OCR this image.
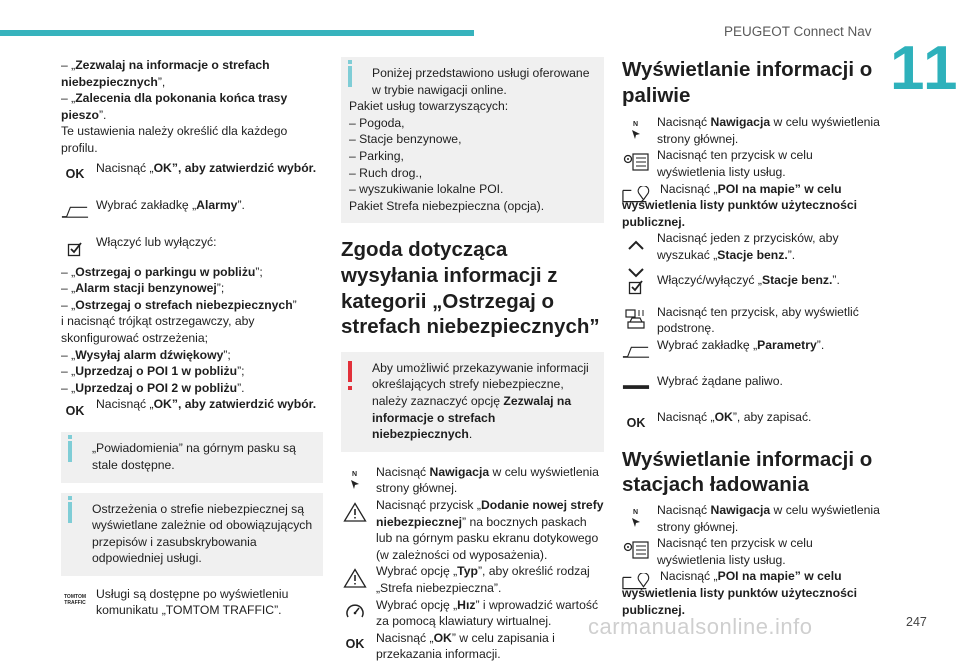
PEUGEOT Connect Nav
11

– „Zezwalaj na informacje o strefach niebezpiecznych”,

– „Zalecenia dla pokonania końca trasy pieszo”.

Te ustawienia należy określić dla każdego profilu.

OK Nacisnąć „OK”, aby zatwierdzić wybór.
Wybrać zakładkę „Alarmy”.
Włączyć lub wyłączyć:

– „Ostrzegaj o parkingu w pobliżu”;

– „Alarm stacji benzynowej”;

– „Ostrzegaj o strefach niebezpiecznych”

i nacisnąć trójkąt ostrzegawczy, aby skonfigurować ostrzeżenia;

– „Wysyłaj alarm dźwiękowy”;

– „Uprzedzaj o POI 1 w pobliżu”;

– „Uprzedzaj o POI 2 w pobliżu”.

OK Nacisnąć „OK”, aby zatwierdzić wybór.

„Powiadomienia” na górnym pasku są stale dostępne.

Ostrzeżenia o strefie niebezpiecznej są wyświetlane zależnie od obowiązujących przepisów i zasubskrybowania odpowiedniej usługi.

TOMTOM
TRAFFIC
Usługi są dostępne po wyświetleniu komunikatu „TOMTOM TRAFFIC”.

Poniżej przedstawiono usługi oferowane w trybie nawigacji online.

Pakiet usług towarzyszących:

– Pogoda,

– Stacje benzynowe,

– Parking,

– Ruch drog.,

– wyszukiwanie lokalne POI.

Pakiet Strefa niebezpieczna (opcja).

Zgoda dotycząca wysyłania informacji z kategorii „Ostrzegaj o strefach niebezpiecznych”

Aby umożliwić przekazywanie informacji określających strefy niebezpieczne, należy zaznaczyć opcję Zezwalaj na informacje o strefach niebezpiecznych.

N Nacisnąć Nawigacja w celu wyświetlenia strony głównej.
Nacisnąć przycisk „Dodanie nowej strefy niebezpiecznej” na bocznych paskach lub na górnym pasku ekranu dotykowego (w zależności od wyposażenia).
Wybrać opcję „Typ”, aby określić rodzaj „Strefa niebezpieczna”.
Wybrać opcję „Hız” i wprowadzić wartość za pomocą klawiatury wirtualnej.
OK Nacisnąć „OK” w celu zapisania i przekazania informacji.
Wyświetlanie informacji o paliwie
N Nacisnąć Nawigacja w celu wyświetlenia strony głównej.
Nacisnąć ten przycisk w celu wyświetlenia listy usług.

Nacisnąć „POI na mapie” w celu wyświetlenia listy punktów użyteczności publicznej.

Nacisnąć jeden z przycisków, aby wyszukać „Stacje benz.”.
Włączyć/wyłączyć „Stacje benz.”.
Nacisnąć ten przycisk, aby wyświetlić podstronę.
Wybrać zakładkę „Parametry”.
Wybrać żądane paliwo.
OK Nacisnąć „OK”, aby zapisać.
Wyświetlanie informacji o stacjach ładowania
N Nacisnąć Nawigacja w celu wyświetlenia strony głównej.
Nacisnąć ten przycisk w celu wyświetlenia listy usług.

Nacisnąć „POI na mapie” w celu wyświetlenia listy punktów użyteczności publicznej.

carmanualsonline.info	247
